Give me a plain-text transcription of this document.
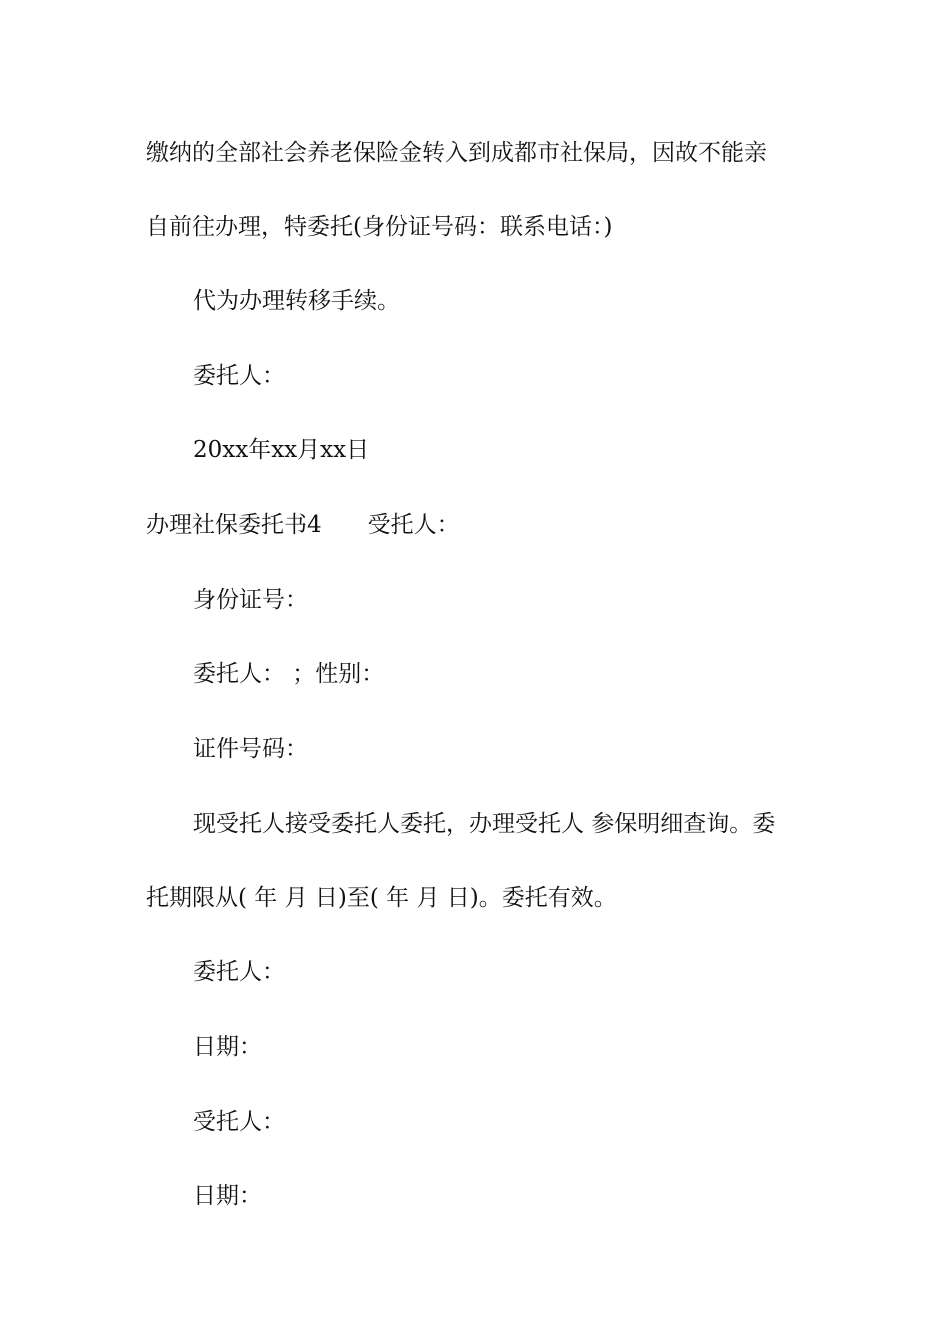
缴纳的全部社会养老保险金转入到成都市社保局，因故不能亲
自前往办理，特委托(身份证号码：联系电话：)
代为办理转移手续。
委托人：
20xx年xx月xx日
办理社保委托书4 受托人：
身份证号：
委托人： ；性别：
证件号码：
现受托人接受委托人委托，办理受托人 参保明细查询。委
托期限从( 年 月 日)至( 年 月 日)。委托有效。
委托人：
日期：
受托人：
日期：
